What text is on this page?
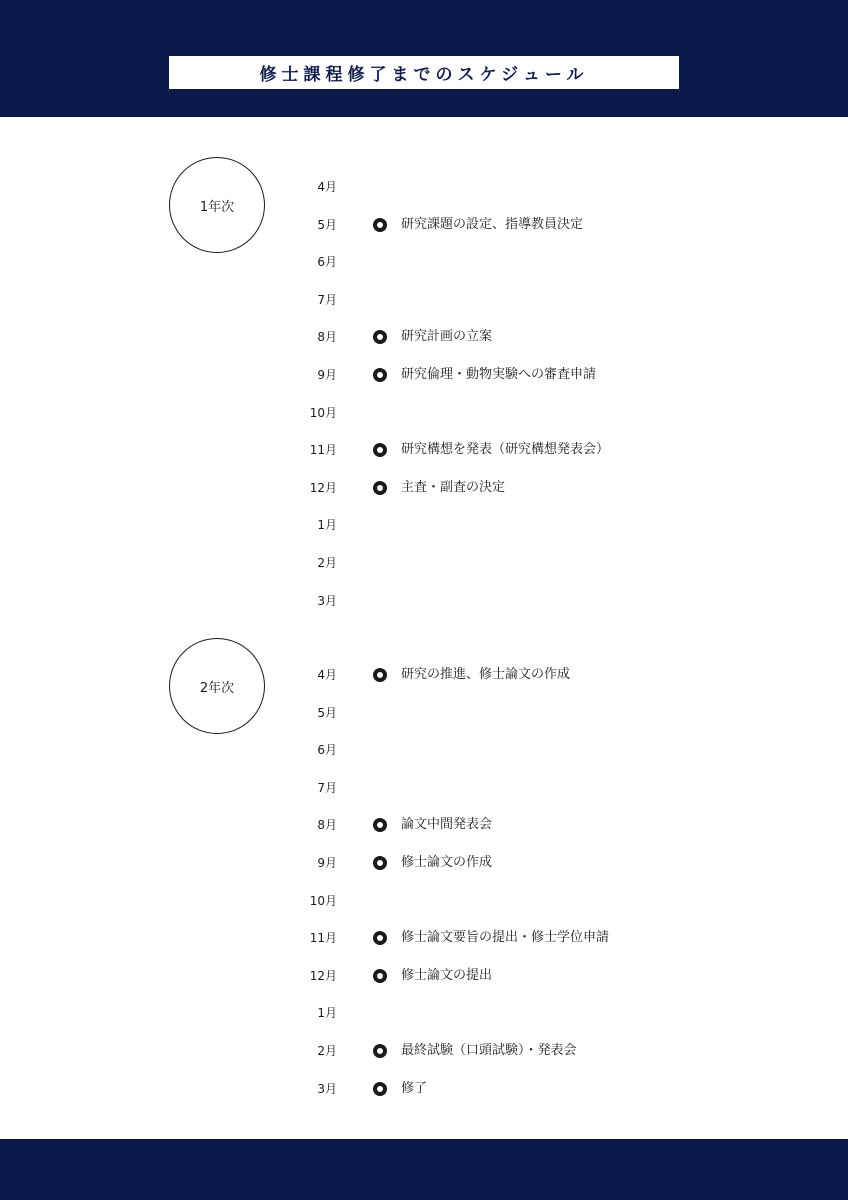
修士課程修了までのスケジュール
1年次
2年次
4月
5月	研究課題の設定、指導教員決定
6月
7月
8月	研究計画の立案
9月	研究倫理・動物実験への審査申請
10月
11月	研究構想を発表（研究構想発表会）
12月	主査・副査の決定
1月
2月
3月
4月	研究の推進、修士論文の作成
5月
6月
7月
8月	論文中間発表会
9月	修士論文の作成
10月
11月	修士論文要旨の提出・修士学位申請
12月	修士論文の提出
1月
2月	最終試験（口頭試験）・発表会
3月	修了
